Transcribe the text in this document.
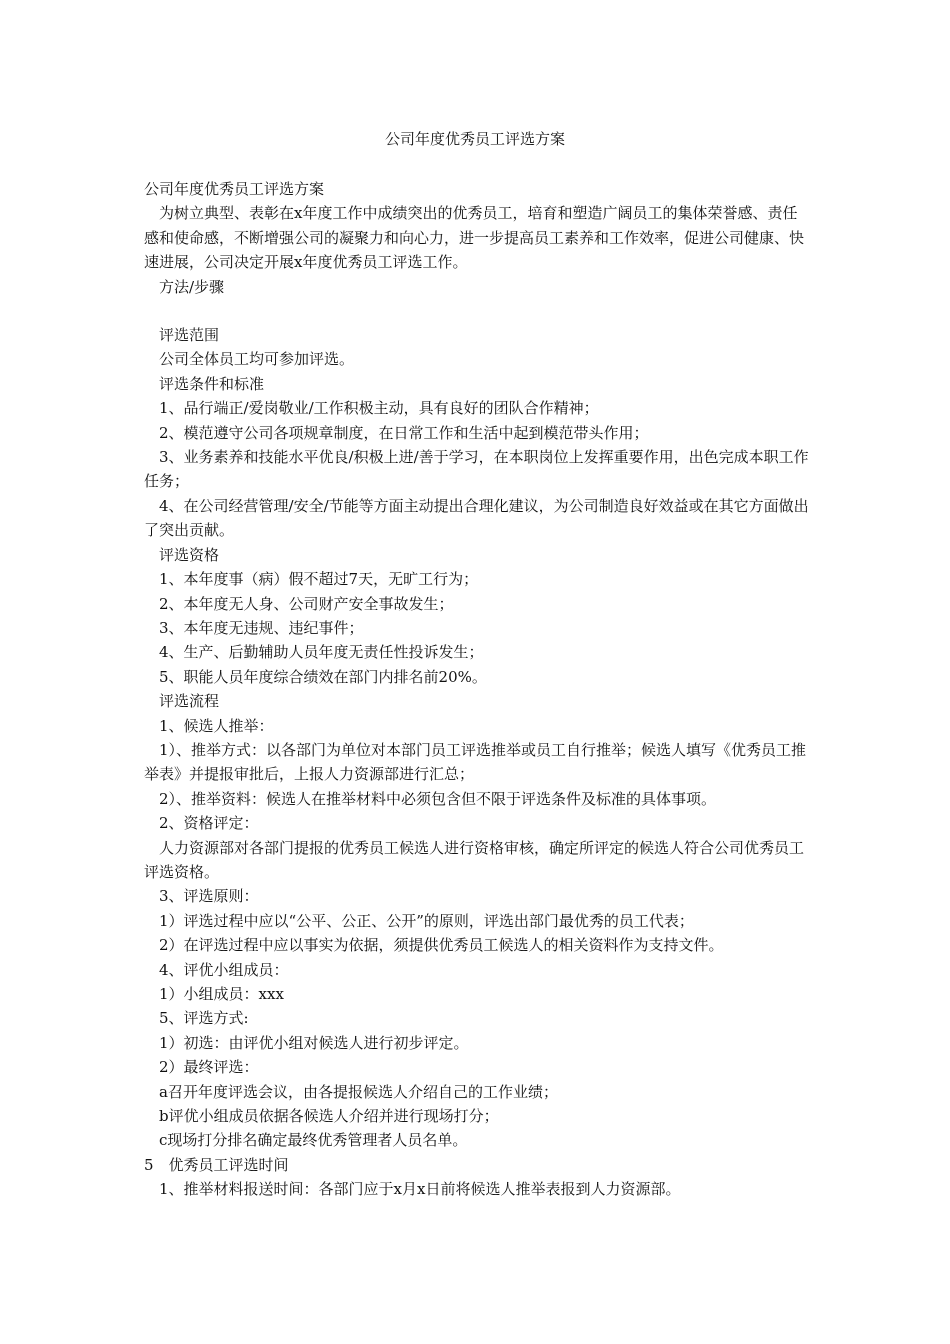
公司年度优秀员工评选方案

公司年度优秀员工评选方案

为树立典型、表彰在x年度工作中成绩突出的优秀员工，培育和塑造广阔员工的集体荣誉感、责任感和使命感，不断增强公司的凝聚力和向心力，进一步提高员工素养和工作效率，促进公司健康、快速进展，公司决定开展x年度优秀员工评选工作。

方法/步骤

评选范围

公司全体员工均可参加评选。

评选条件和标准

1、品行端正/爱岗敬业/工作积极主动，具有良好的团队合作精神；

2、模范遵守公司各项规章制度，在日常工作和生活中起到模范带头作用；

3、业务素养和技能水平优良/积极上进/善于学习，在本职岗位上发挥重要作用，出色完成本职工作任务；

4、在公司经营管理/安全/节能等方面主动提出合理化建议，为公司制造良好效益或在其它方面做出了突出贡献。

评选资格

1、本年度事（病）假不超过7天，无旷工行为；

2、本年度无人身、公司财产安全事故发生；

3、本年度无违规、违纪事件；

4、生产、后勤辅助人员年度无责任性投诉发生；

5、职能人员年度综合绩效在部门内排名前20%。

评选流程

1、候选人推举：

1）、推举方式：以各部门为单位对本部门员工评选推举或员工自行推举；候选人填写《优秀员工推举表》并提报审批后，上报人力资源部进行汇总；

2）、推举资料：候选人在推举材料中必须包含但不限于评选条件及标准的具体事项。

2、资格评定：

人力资源部对各部门提报的优秀员工候选人进行资格审核，确定所评定的候选人符合公司优秀员工评选资格。

3、评选原则：

1）评选过程中应以“公平、公正、公开”的原则，评选出部门最优秀的员工代表；

2）在评选过程中应以事实为依据，须提供优秀员工候选人的相关资料作为支持文件。

4、评优小组成员：

1）小组成员：xxx

5、评选方式:

1）初选：由评优小组对候选人进行初步评定。

2）最终评选：

a召开年度评选会议，由各提报候选人介绍自己的工作业绩；

b评优小组成员依据各候选人介绍并进行现场打分；

c现场打分排名确定最终优秀管理者人员名单。

5　优秀员工评选时间

1、推举材料报送时间：各部门应于x月x日前将候选人推举表报到人力资源部。
